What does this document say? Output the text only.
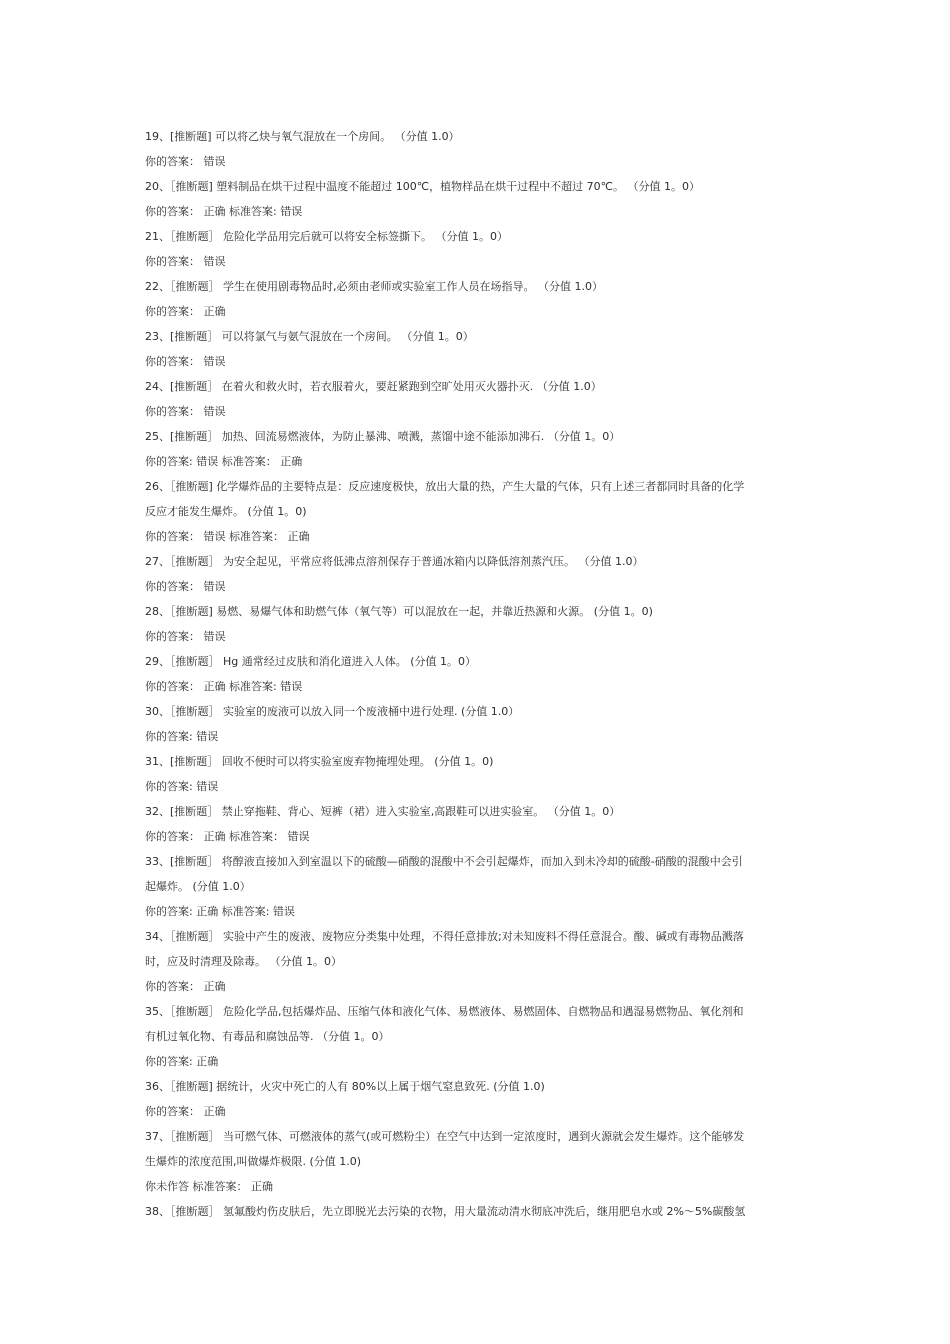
19、[推断题] 可以将乙炔与氧气混放在一个房间。 （分值 1.0）
你的答案： 错误
20、［推断题] 塑料制品在烘干过程中温度不能超过 100℃，植物样品在烘干过程中不超过 70℃。 （分值 1。0）
你的答案： 正确 标准答案: 错误
21、［推断题］ 危险化学品用完后就可以将安全标签撕下。 （分值 1。0）
你的答案： 错误
22、［推断题］ 学生在使用剧毒物品时,必须由老师或实验室工作人员在场指导。 （分值 1.0）
你的答案： 正确
23、[推断题］ 可以将氯气与氨气混放在一个房间。 （分值 1。0）
你的答案： 错误
24、[推断题］ 在着火和救火时，若衣服着火，要赶紧跑到空旷处用灭火器扑灭. （分值 1.0）
你的答案： 错误
25、[推断题］ 加热、回流易燃液体，为防止暴沸、喷溅，蒸馏中途不能添加沸石. （分值 1。0）
你的答案: 错误 标准答案： 正确
26、［推断题] 化学爆炸品的主要特点是：反应速度极快，放出大量的热，产生大量的气体，只有上述三者都同时具备的化学
反应才能发生爆炸。 (分值 1。0)
你的答案： 错误 标准答案： 正确
27、［推断题］ 为安全起见，平常应将低沸点溶剂保存于普通冰箱内以降低溶剂蒸汽压。 （分值 1.0）
你的答案： 错误
28、［推断题] 易燃、易爆气体和助燃气体（氧气等）可以混放在一起，并靠近热源和火源。 (分值 1。0)
你的答案： 错误
29、［推断题］ Hg 通常经过皮肤和消化道进入人体。 (分值 1。0）
你的答案： 正确 标准答案: 错误
30、［推断题］ 实验室的废液可以放入同一个废液桶中进行处理. (分值 1.0）
你的答案: 错误
31、[推断题］ 回收不便时可以将实验室废弃物掩埋处理。 (分值 1。0)
你的答案: 错误
32、[推断题］ 禁止穿拖鞋、背心、短裤（裙）进入实验室,高跟鞋可以进实验室。 （分值 1。0）
你的答案： 正确 标准答案： 错误
33、[推断题］ 将醇液直接加入到室温以下的硫酸—硝酸的混酸中不会引起爆炸，而加入到未冷却的硫酸-硝酸的混酸中会引
起爆炸。 (分值 1.0）
你的答案: 正确 标准答案: 错误
34、［推断题］ 实验中产生的废液、废物应分类集中处理，不得任意排放;对未知废料不得任意混合。酸、碱或有毒物品溅落
时，应及时清理及除毒。 （分值 1。0）
你的答案： 正确
35、［推断题］ 危险化学品,包括爆炸品、压缩气体和液化气体、易燃液体、易燃固体、自燃物品和遇湿易燃物品、氧化剂和
有机过氧化物、有毒品和腐蚀品等. （分值 1。0）
你的答案: 正确
36、［推断题] 据统计，火灾中死亡的人有 80%以上属于烟气窒息致死. (分值 1.0)
你的答案： 正确
37、［推断题］ 当可燃气体、可燃液体的蒸气(或可燃粉尘）在空气中达到一定浓度时，遇到火源就会发生爆炸。这个能够发
生爆炸的浓度范围,叫做爆炸极限. (分值 1.0)
你未作答 标准答案： 正确
38、［推断题］ 氢氟酸灼伤皮肤后，先立即脱光去污染的衣物，用大量流动清水彻底冲洗后，继用肥皂水或 2%～5%碳酸氢
